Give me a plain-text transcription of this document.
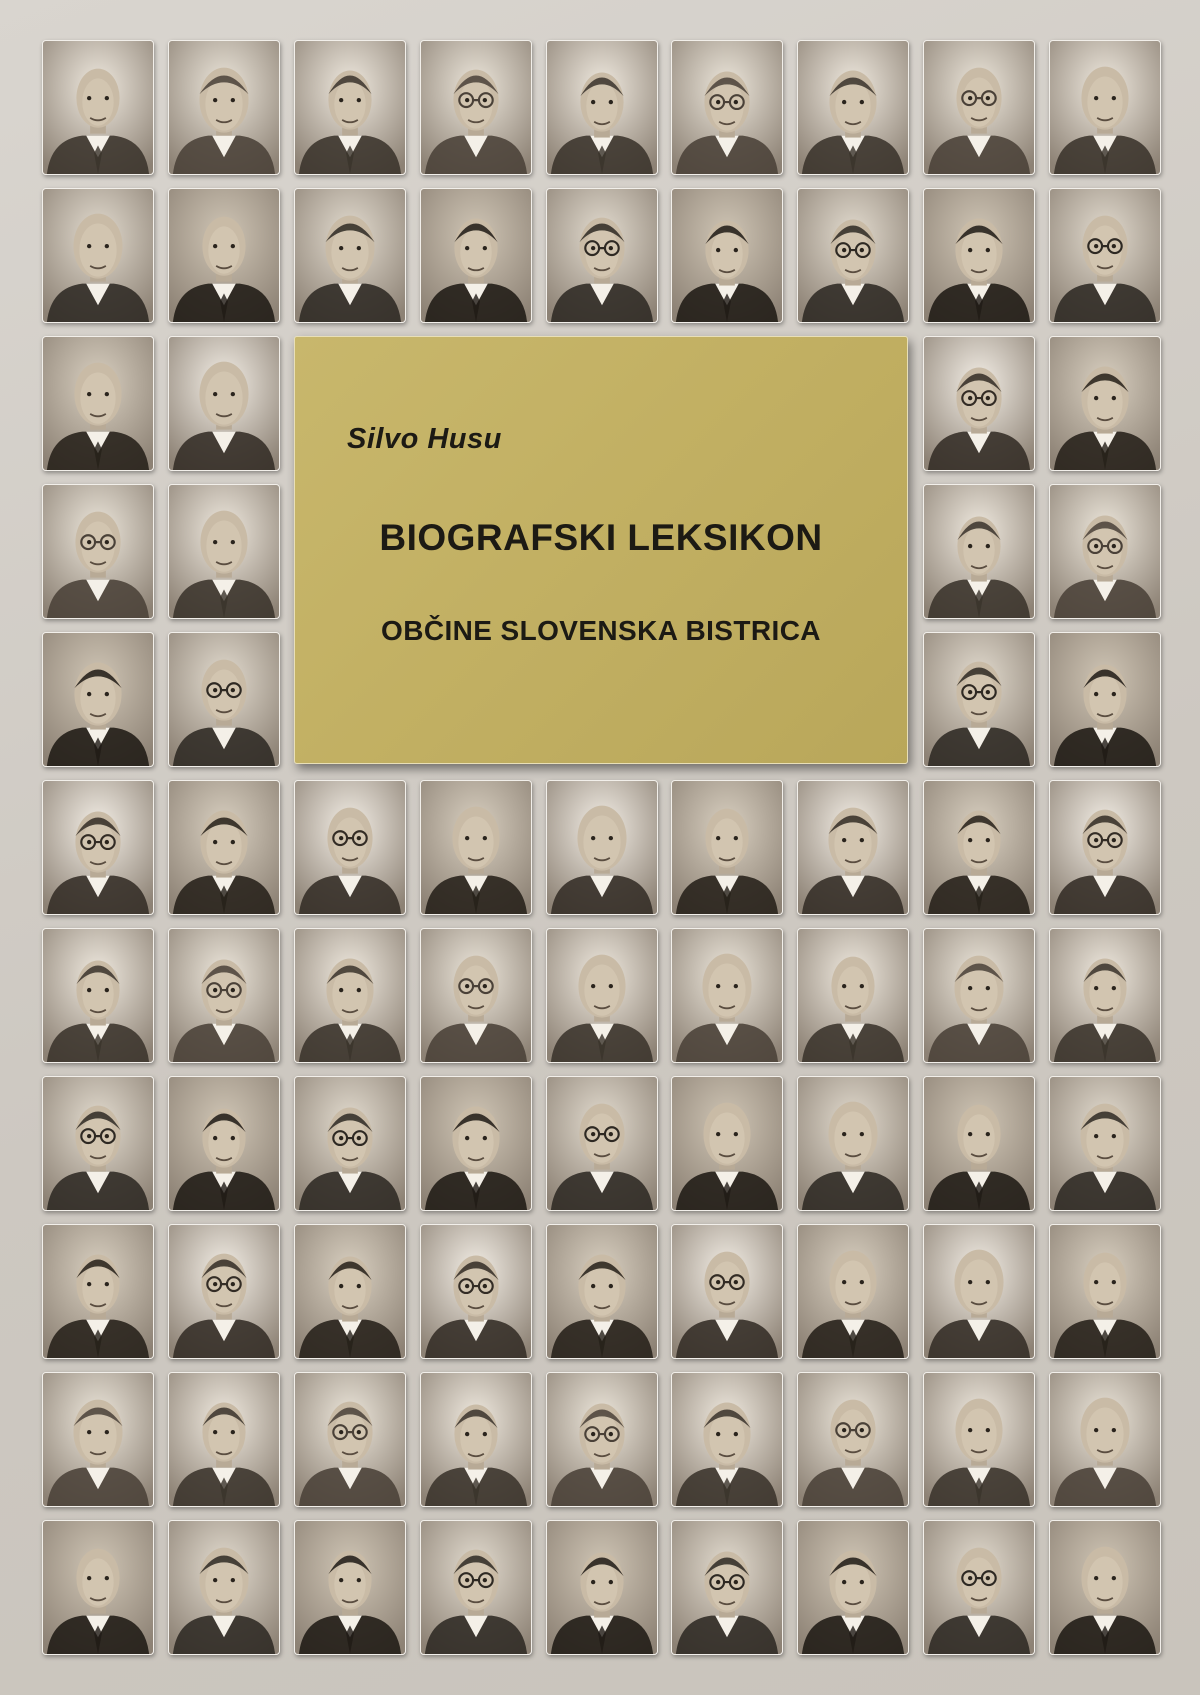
Silvo Husu
BIOGRAFSKI LEKSIKON
OBČINE SLOVENSKA BISTRICA
